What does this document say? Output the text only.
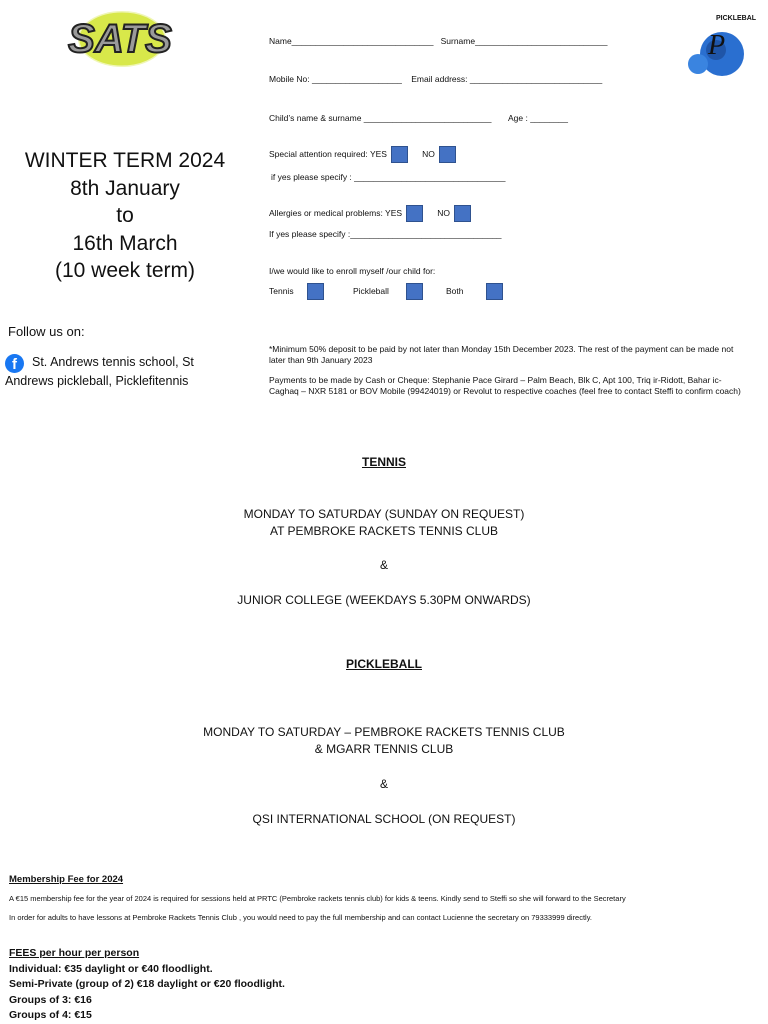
SATS	P
PICKLEBALL
Name______________________________ Surname____________________________
Mobile No: ___________________ Email address: ____________________________
Child’s name & surname ___________________________ Age : ________
Special attention required: YES	NO
if yes please specify : ________________________________
Allergies or medical problems: YES	NO
If yes please specify :________________________________
I/we would like to enroll myself /our child for:
Tennis	Pickleball	Both
WINTER TERM 2024
8th January
to
16th March
(10 week term)
Follow us on:
f St. Andrews tennis school, St Andrews pickleball, Picklefitennis
*Minimum 50% deposit to be paid by not later than Monday 15th December 2023. The rest of the payment can be made not later than 9th January 2023
Payments to be made by Cash or Cheque: Stephanie Pace Girard – Palm Beach, Blk C, Apt 100, Triq ir-Ridott, Bahar ic-Caghaq – NXR 5181 or BOV Mobile (99424019) or Revolut to respective coaches (feel free to contact Steffi to confirm coach)
TENNIS
MONDAY TO SATURDAY (SUNDAY ON REQUEST)
AT PEMBROKE RACKETS TENNIS CLUB
&
JUNIOR COLLEGE (WEEKDAYS 5.30PM ONWARDS)
PICKLEBALL
MONDAY TO SATURDAY – PEMBROKE RACKETS TENNIS CLUB
& MGARR TENNIS CLUB
&
QSI INTERNATIONAL SCHOOL (ON REQUEST)
Membership Fee for 2024
A €15 membership fee for the year of 2024 is required for sessions held at PRTC (Pembroke rackets tennis club) for kids & teens. Kindly send to Steffi so she will forward to the Secretary
In order for adults to have lessons at Pembroke Rackets Tennis Club , you would need to pay the full membership and can contact Lucienne the secretary on 79333999 directly.
FEES per hour per person
Individual: €35 daylight or €40 floodlight.
Semi-Private (group of 2) €18 daylight or €20 floodlight.
Groups of 3: €16
Groups of 4: €15
